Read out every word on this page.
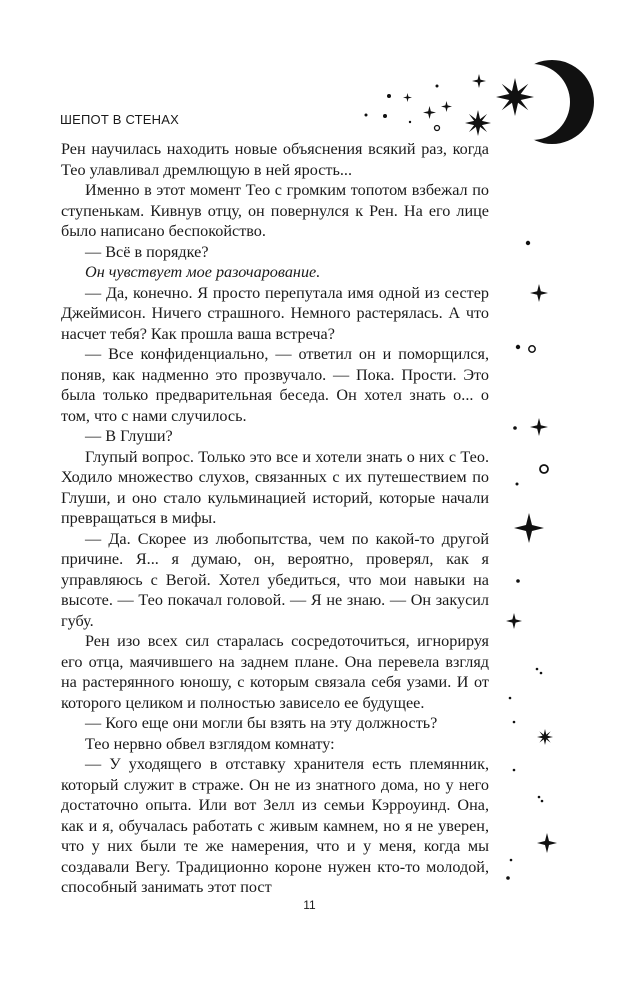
ШЕПОТ В СТЕНАХ

Рен научилась находить новые объяснения всякий раз, когда Тео улавливал дремлющую в ней ярость...

Именно в этот момент Тео с громким топотом взбежал по ступенькам. Кивнув отцу, он повернулся к Рен. На его лице было написано беспокойство.

— Всё в порядке?

Он чувствует мое разочарование.

— Да, конечно. Я просто перепутала имя одной из сестер Джеймисон. Ничего страшного. Немного растерялась. А что насчет тебя? Как прошла ваша встреча?

— Все конфиденциально, — ответил он и поморщился, поняв, как надменно это прозвучало. — Пока. Прости. Это была только предварительная беседа. Он хотел знать о... о том, что с нами случилось.

— В Глуши?

Глупый вопрос. Только это все и хотели знать о них с Тео. Ходило множество слухов, связанных с их путешествием по Глуши, и оно стало кульминацией историй, которые начали превращаться в мифы.

— Да. Скорее из любопытства, чем по какой-то другой причине. Я... я думаю, он, вероятно, проверял, как я управляюсь с Вегой. Хотел убедиться, что мои навыки на высоте. — Тео покачал головой. — Я не знаю. — Он закусил губу.

Рен изо всех сил старалась сосредоточиться, игнорируя его отца, маячившего на заднем плане. Она перевела взгляд на растерянного юношу, с которым связала себя узами. И от которого целиком и полностью зависело ее будущее.

— Кого еще они могли бы взять на эту должность?

Тео нервно обвел взглядом комнату:

— У уходящего в отставку хранителя есть племянник, который служит в страже. Он не из знатного дома, но у него достаточно опыта. Или вот Зелл из семьи Кэрроуинд. Она, как и я, обучалась работать с живым камнем, но я не уверен, что у них были те же намерения, что и у меня, когда мы создавали Вегу. Традиционно короне нужен кто-то молодой, способный занимать этот пост

11
